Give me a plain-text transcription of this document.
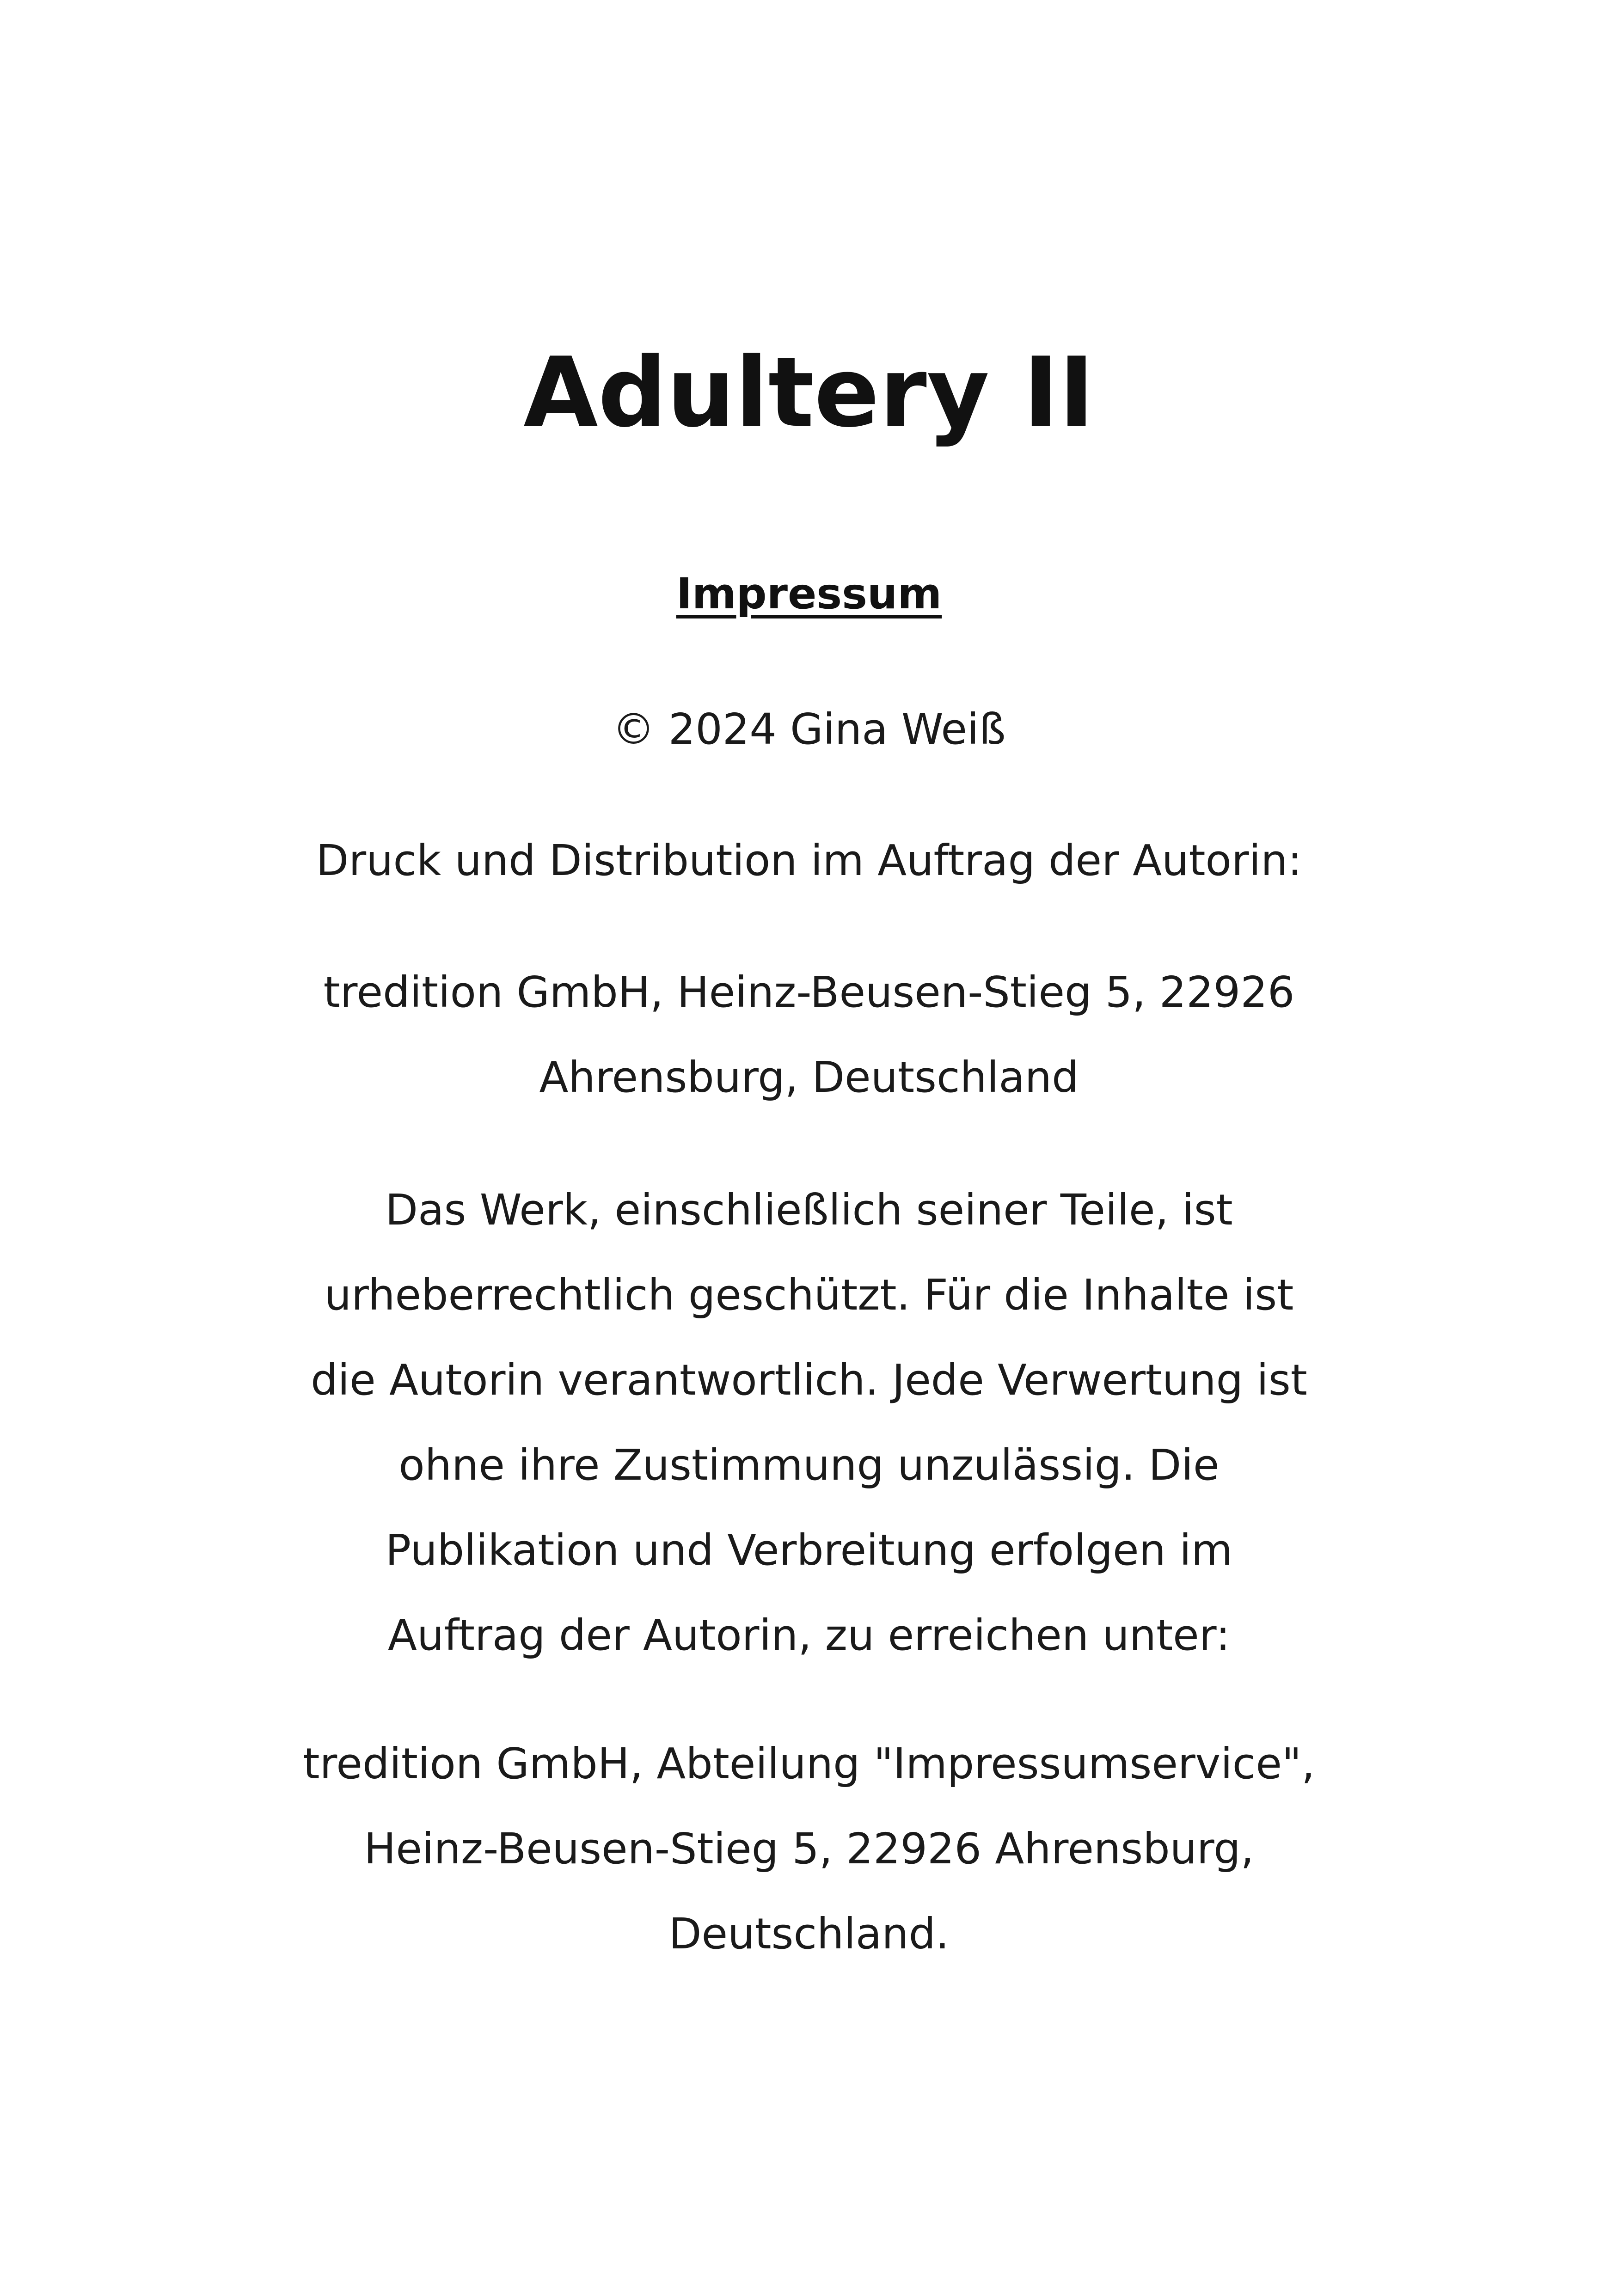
Adultery II
Impressum
© 2024 Gina Weiß
Druck und Distribution im Auftrag der Autorin:
tredition GmbH, Heinz-Beusen-Stieg 5, 22926
Ahrensburg, Deutschland
Das Werk, einschließlich seiner Teile, ist
urheberrechtlich geschützt. Für die Inhalte ist
die Autorin verantwortlich. Jede Verwertung ist
ohne ihre Zustimmung unzulässig. Die
Publikation und Verbreitung erfolgen im
Auftrag der Autorin, zu erreichen unter:
tredition GmbH, Abteilung "Impressumservice",
Heinz-Beusen-Stieg 5, 22926 Ahrensburg,
Deutschland.
